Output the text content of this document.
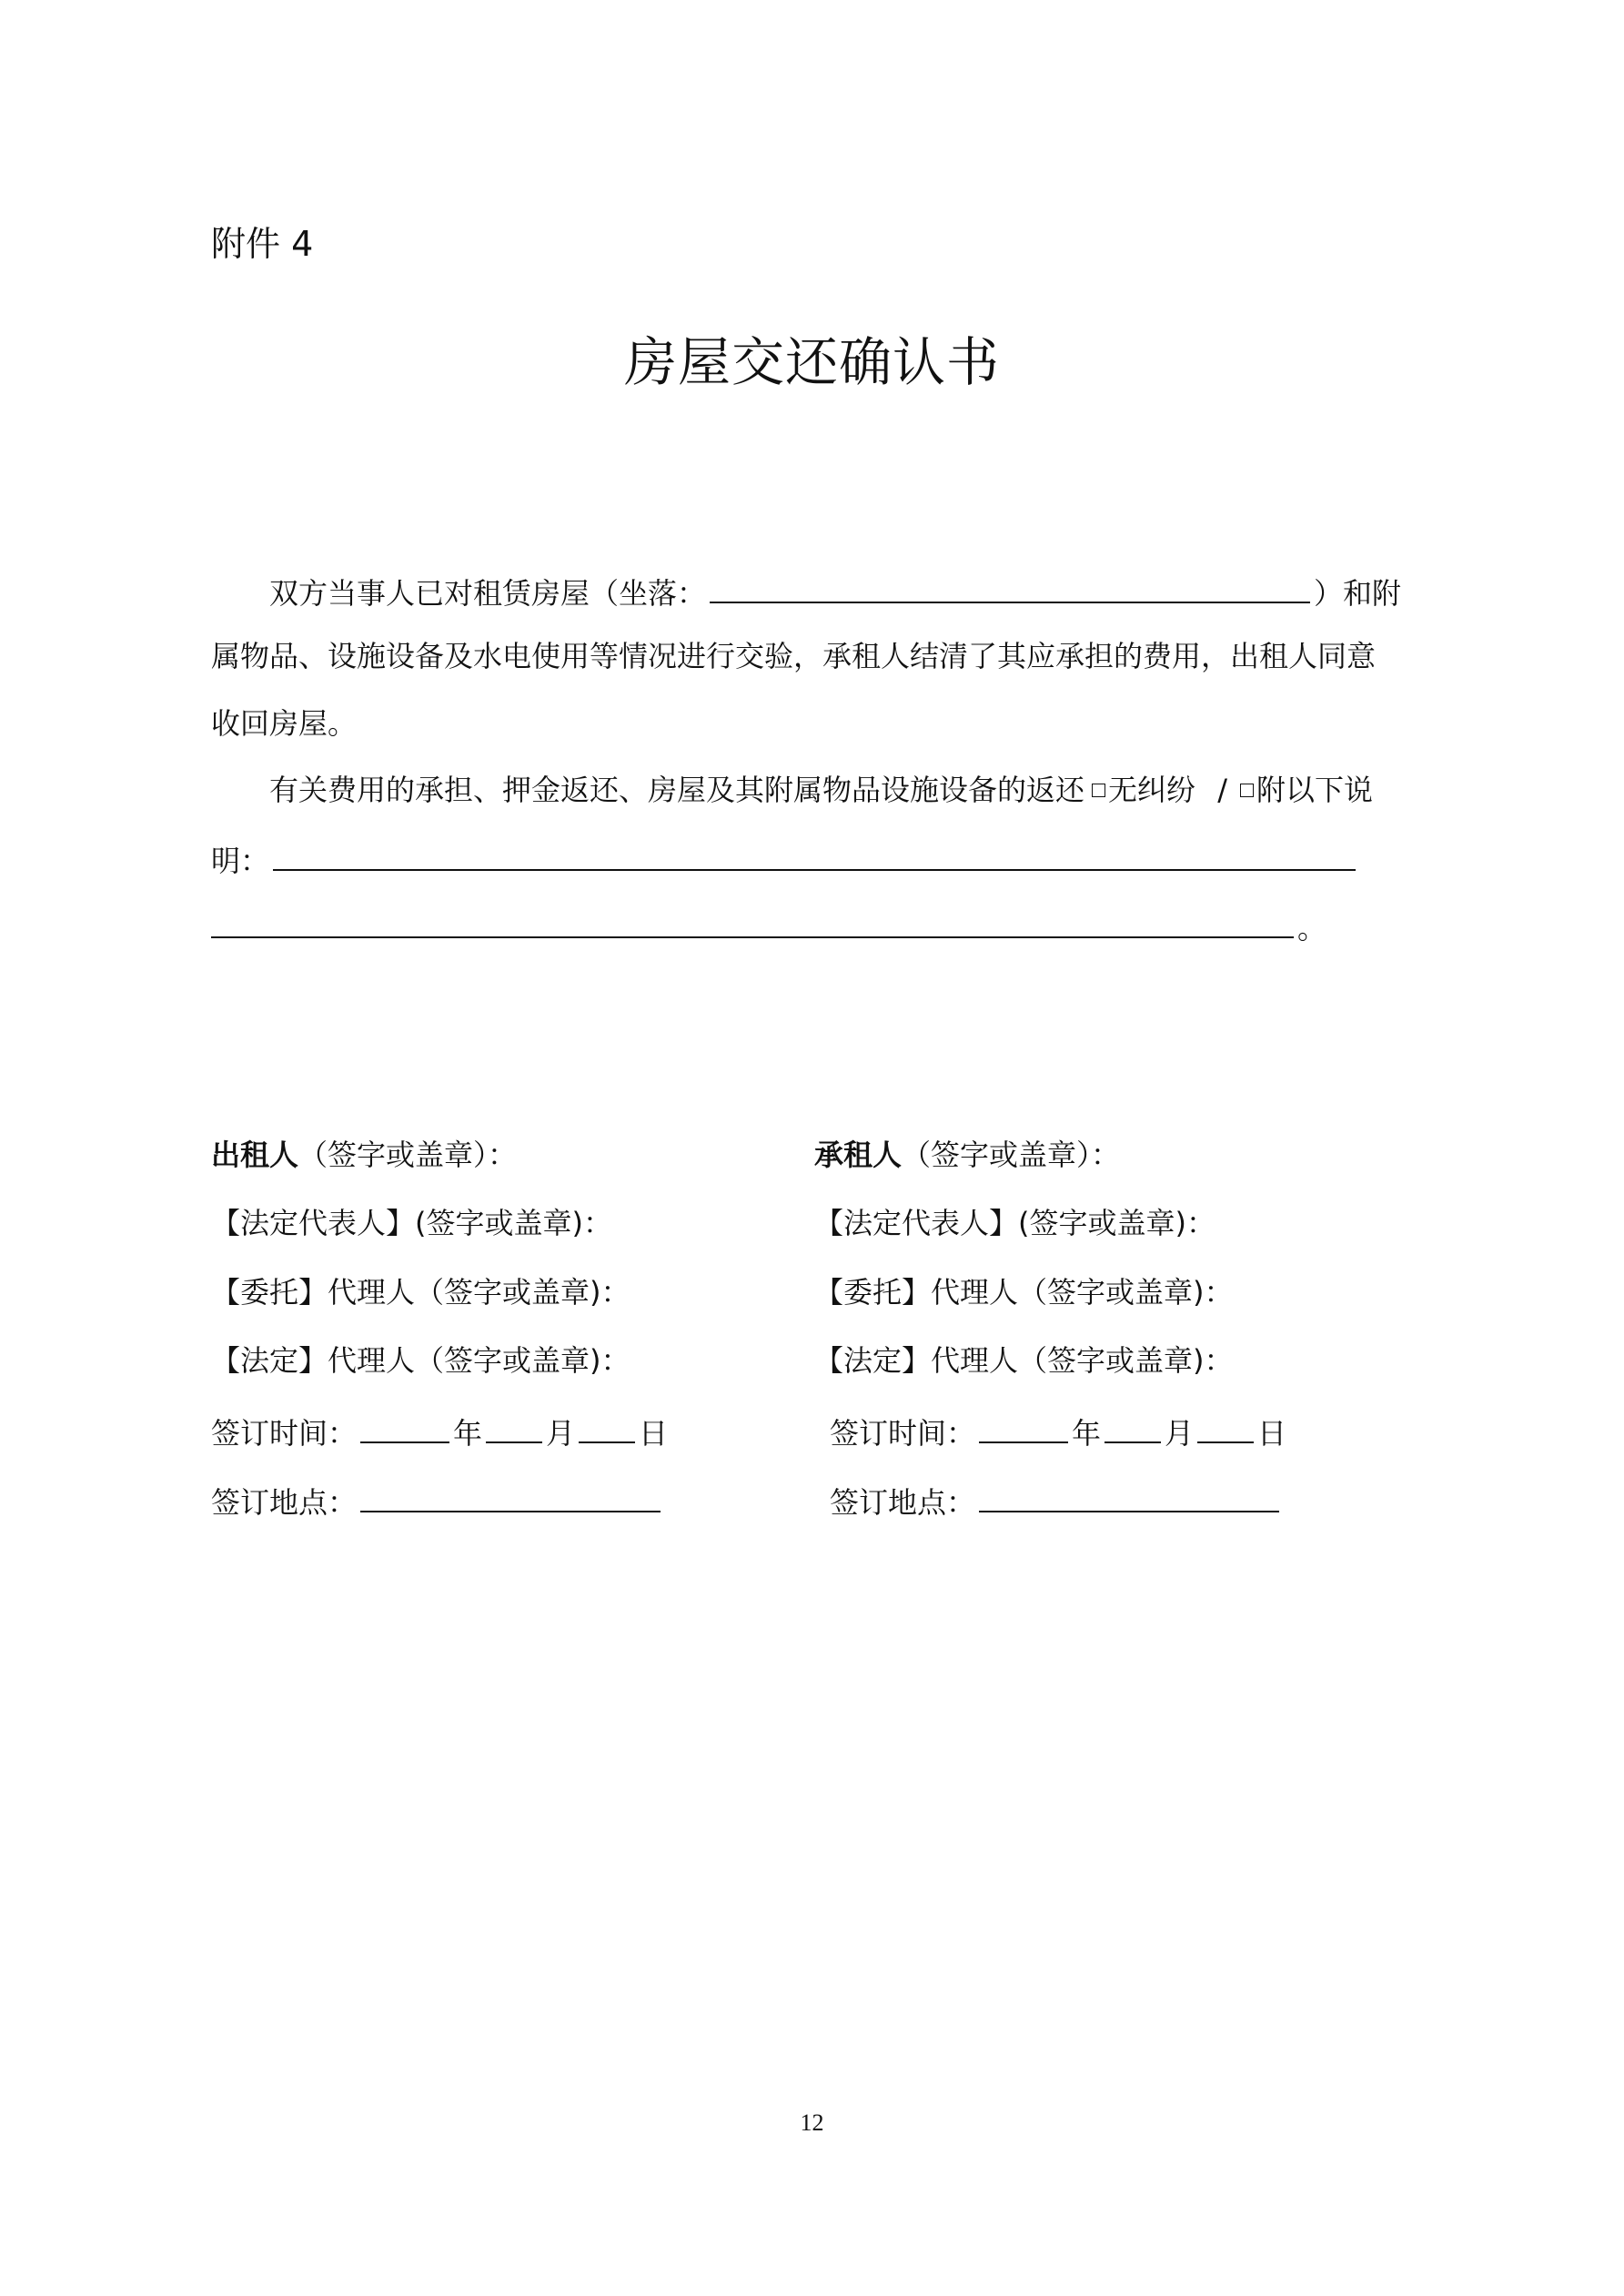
附件 4
房屋交还确认书
双方当事人已对租赁房屋（坐落：	）和附
属物品、设施设备及水电使用等情况进行交验，承租人结清了其应承担的费用，出租人同意
收回房屋。
有关费用的承担、押金返还、房屋及其附属物品设施设备的返还 无纠纷 / 附以下说
明：
。
出租人（签字或盖章）：
【法定代表人】(签字或盖章)：
【委托】代理人（签字或盖章)：
【法定】代理人（签字或盖章)：
签订时间：	年 月 日
签订地点：
承租人（签字或盖章）：
【法定代表人】(签字或盖章)：
【委托】代理人（签字或盖章)：
【法定】代理人（签字或盖章)：
签订时间：	年 月 日
签订地点：
12
